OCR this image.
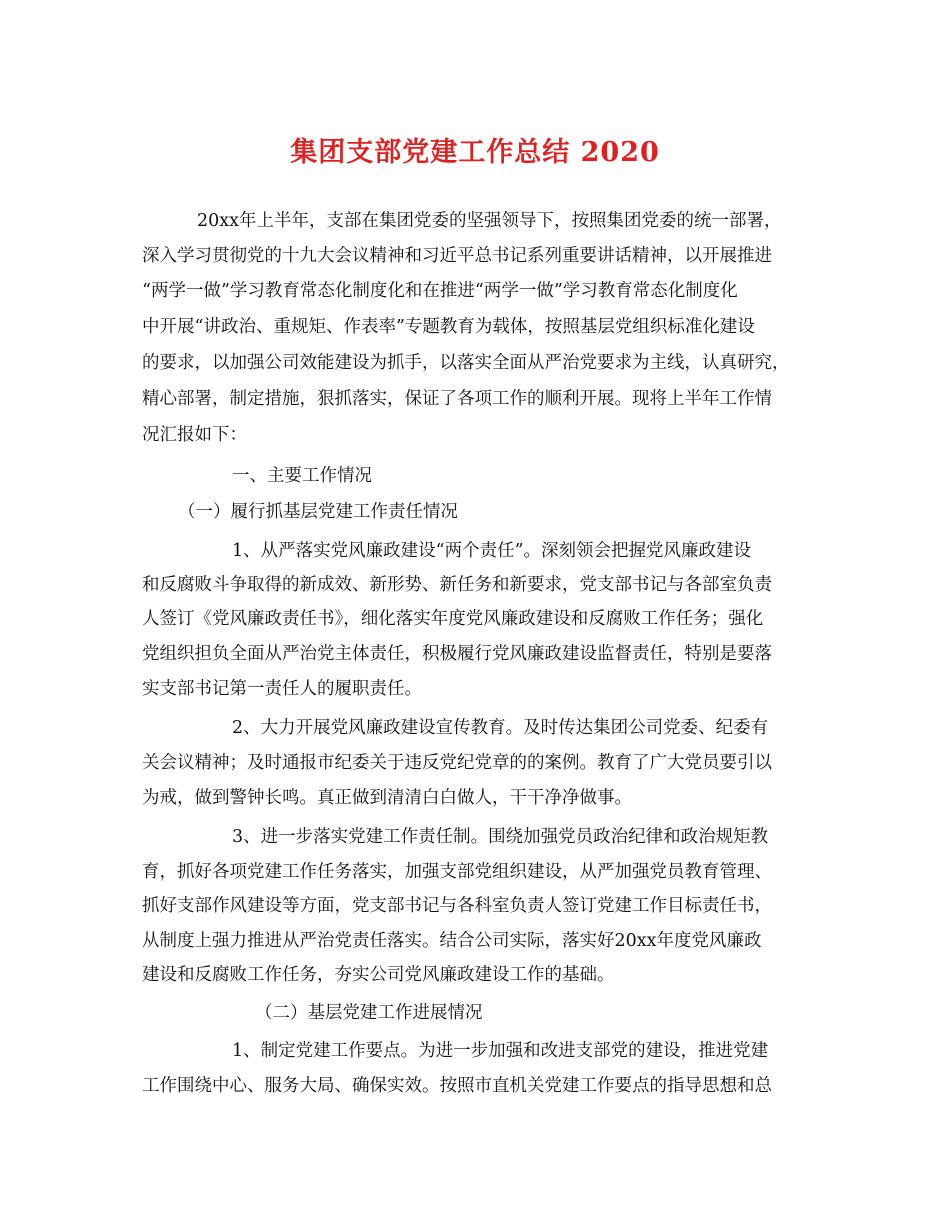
集团支部党建工作总结 2020
20xx年上半年，支部在集团党委的坚强领导下，按照集团党委的统一部署，
深入学习贯彻党的十九大会议精神和习近平总书记系列重要讲话精神，以开展推进
“两学一做”学习教育常态化制度化和在推进“两学一做”学习教育常态化制度化
中开展“讲政治、重规矩、作表率”专题教育为载体，按照基层党组织标准化建设
的要求，以加强公司效能建设为抓手，以落实全面从严治党要求为主线，认真研究，
精心部署，制定措施，狠抓落实，保证了各项工作的顺利开展。现将上半年工作情
况汇报如下：
一、主要工作情况
（一）履行抓基层党建工作责任情况
1、从严落实党风廉政建设“两个责任”。深刻领会把握党风廉政建设
和反腐败斗争取得的新成效、新形势、新任务和新要求，党支部书记与各部室负责
人签订《党风廉政责任书》，细化落实年度党风廉政建设和反腐败工作任务；强化
党组织担负全面从严治党主体责任，积极履行党风廉政建设监督责任，特别是要落
实支部书记第一责任人的履职责任。
2、大力开展党风廉政建设宣传教育。及时传达集团公司党委、纪委有
关会议精神；及时通报市纪委关于违反党纪党章的的案例。教育了广大党员要引以
为戒，做到警钟长鸣。真正做到清清白白做人，干干净净做事。
3、进一步落实党建工作责任制。围绕加强党员政治纪律和政治规矩教
育，抓好各项党建工作任务落实，加强支部党组织建设，从严加强党员教育管理、
抓好支部作风建设等方面，党支部书记与各科室负责人签订党建工作目标责任书，
从制度上强力推进从严治党责任落实。结合公司实际，落实好20xx年度党风廉政
建设和反腐败工作任务，夯实公司党风廉政建设工作的基础。
（二）基层党建工作进展情况
1、制定党建工作要点。为进一步加强和改进支部党的建设，推进党建
工作围绕中心、服务大局、确保实效。按照市直机关党建工作要点的指导思想和总
